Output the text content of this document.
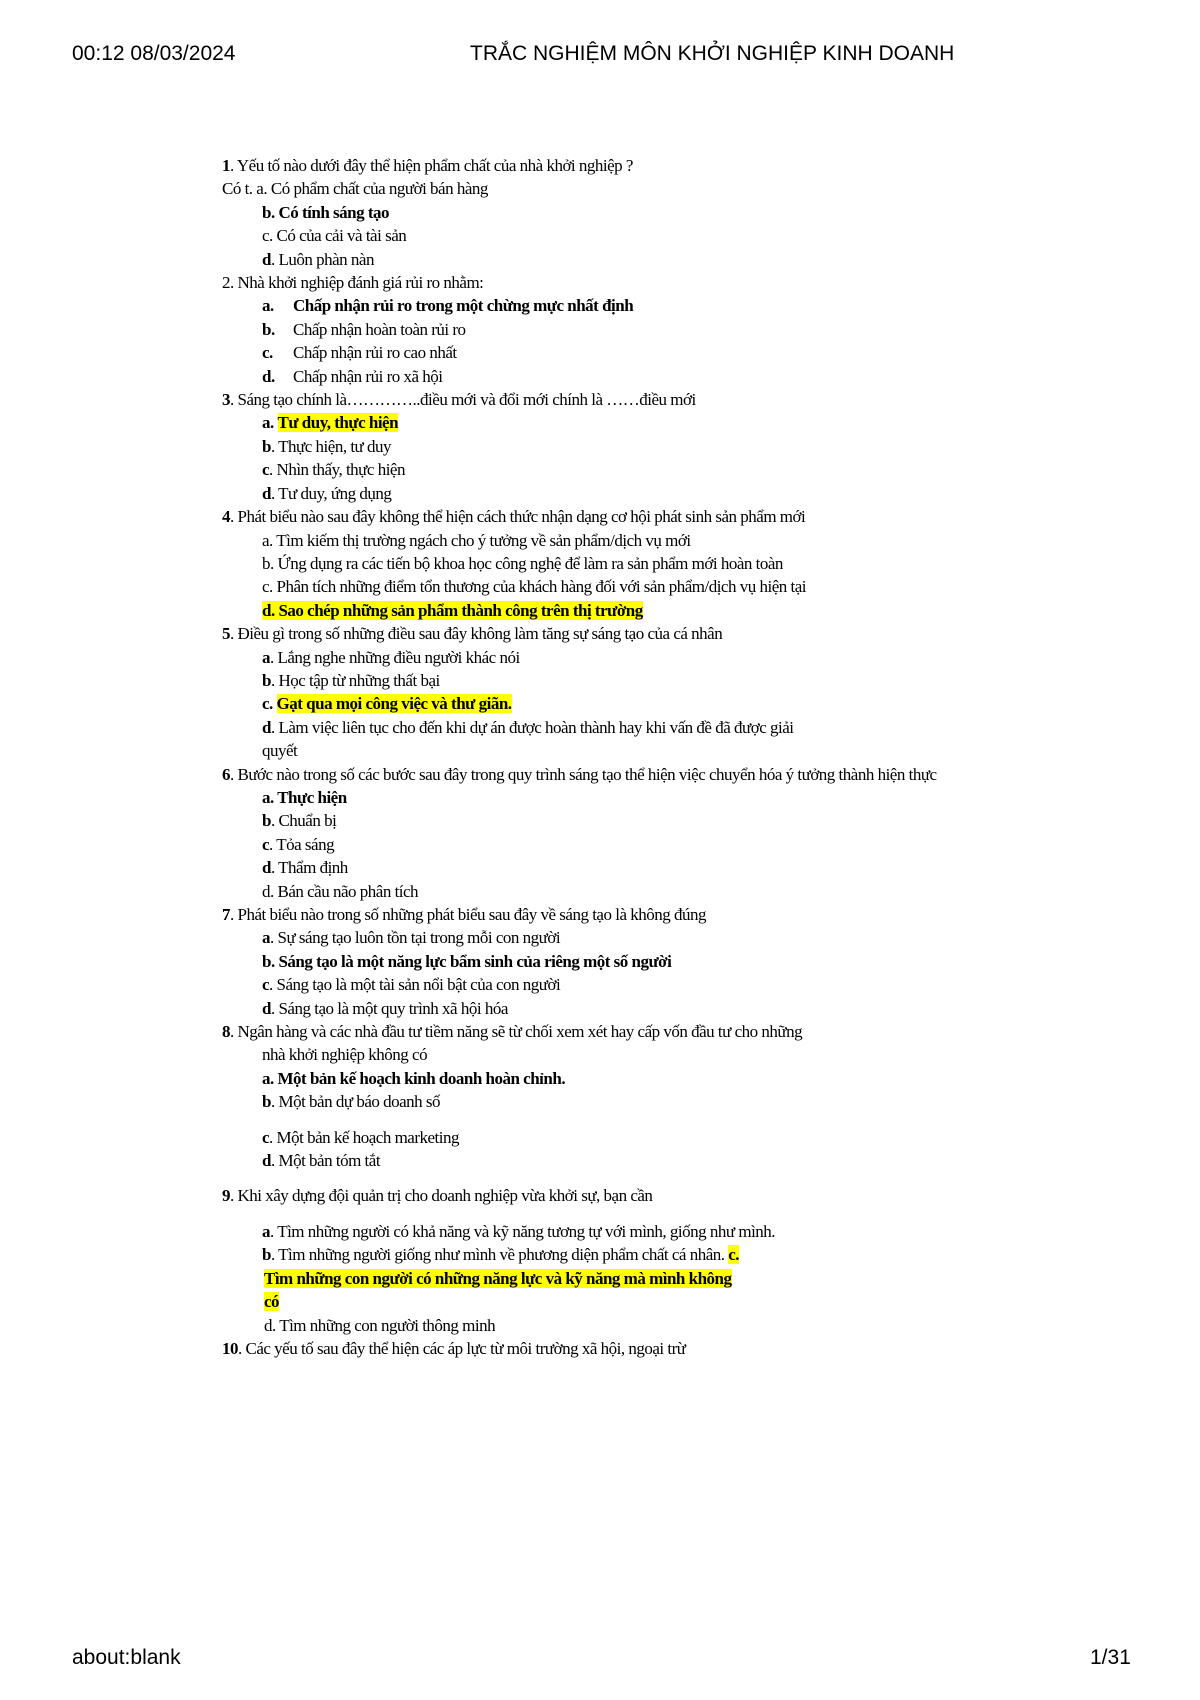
00:12 08/03/2024	TRẮC NGHIỆM MÔN KHỞI NGHIỆP KINH DOANH
1. Yếu tố nào dưới đây thể hiện phẩm chất của nhà khởi nghiệp ?
Có t. a. Có phẩm chất của người bán hàng
b. Có tính sáng tạo
c. Có của cải và tài sản
d. Luôn phàn nàn
2. Nhà khởi nghiệp đánh giá rủi ro nhằm:
a. Chấp nhận rủi ro trong một chừng mực nhất định
b. Chấp nhận hoàn toàn rủi ro
c. Chấp nhận rủi ro cao nhất
d. Chấp nhận rủi ro xã hội
3. Sáng tạo chính là…………..điều mới và đổi mới chính là ……điều mới
a. Tư duy, thực hiện
b. Thực hiện, tư duy
c. Nhìn thấy, thực hiện
d. Tư duy, ứng dụng
4. Phát biểu nào sau đây không thể hiện cách thức nhận dạng cơ hội phát sinh sản phẩm mới
a. Tìm kiếm thị trường ngách cho ý tưởng về sản phẩm/dịch vụ mới
b. Ứng dụng ra các tiến bộ khoa học công nghệ để làm ra sản phẩm mới hoàn toàn
c. Phân tích những điểm tổn thương của khách hàng đối với sản phẩm/dịch vụ hiện tại
d. Sao chép những sản phẩm thành công trên thị trường
5. Điều gì trong số những điều sau đây không làm tăng sự sáng tạo của cá nhân
a. Lắng nghe những điều người khác nói
b. Học tập từ những thất bại
c. Gạt qua mọi công việc và thư giãn.
d. Làm việc liên tục cho đến khi dự án được hoàn thành hay khi vấn đề đã được giải
quyết
6. Bước nào trong số các bước sau đây trong quy trình sáng tạo thể hiện việc chuyển hóa ý tưởng thành hiện thực
a. Thực hiện
b. Chuẩn bị
c. Tỏa sáng
d. Thẩm định
d. Bán cầu não phân tích
7. Phát biểu nào trong số những phát biểu sau đây về sáng tạo là không đúng
a. Sự sáng tạo luôn tồn tại trong mỗi con người
b. Sáng tạo là một năng lực bẩm sinh của riêng một số người
c. Sáng tạo là một tài sản nổi bật của con người
d. Sáng tạo là một quy trình xã hội hóa
8. Ngân hàng và các nhà đầu tư tiềm năng sẽ từ chối xem xét hay cấp vốn đầu tư cho những
nhà khởi nghiệp không có
a. Một bản kế hoạch kinh doanh hoàn chỉnh.
b. Một bản dự báo doanh số
c. Một bản kế hoạch marketing
d. Một bản tóm tắt
9. Khi xây dựng đội quản trị cho doanh nghiệp vừa khởi sự, bạn cần
a. Tìm những người có khả năng và kỹ năng tương tự với mình, giống như mình.
b. Tìm những người giống như mình về phương diện phẩm chất cá nhân. c.
Tìm những con người có những năng lực và kỹ năng mà mình không
có
d. Tìm những con người thông minh
10. Các yếu tố sau đây thể hiện các áp lực từ môi trường xã hội, ngoại trừ
about:blank	1/31
